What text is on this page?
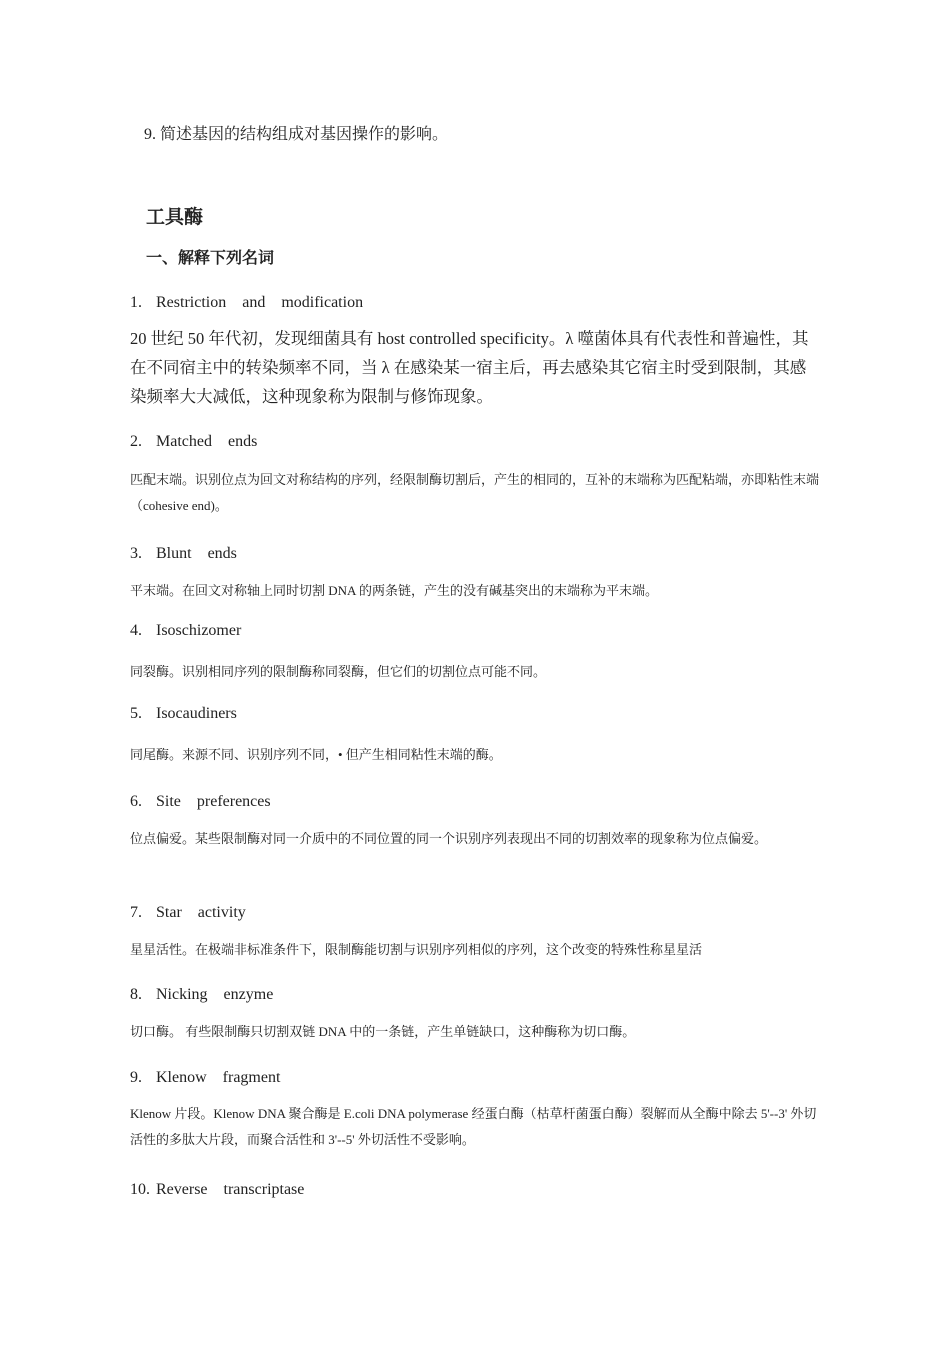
9. 简述基因的结构组成对基因操作的影响。
工具酶
一、解释下列名词
1. Restriction　and　modification
20 世纪 50 年代初，发现细菌具有 host controlled specificity。λ 噬菌体具有代表性和普遍性，其在不同宿主中的转染频率不同，当 λ 在感染某一宿主后，再去感染其它宿主时受到限制，其感染频率大大减低，这种现象称为限制与修饰现象。
2. Matched　ends
匹配末端。识别位点为回文对称结构的序列，经限制酶切割后，产生的相同的，互补的末端称为匹配粘端，亦即粘性末端（cohesive end)。
3. Blunt　ends
平末端。在回文对称轴上同时切割 DNA 的两条链，产生的没有碱基突出的末端称为平末端。
4. Isoschizomer
同裂酶。识别相同序列的限制酶称同裂酶，但它们的切割位点可能不同。
5. Isocaudiners
同尾酶。来源不同、识别序列不同，• 但产生相同粘性末端的酶。
6. Site　preferences
位点偏爱。某些限制酶对同一介质中的不同位置的同一个识别序列表现出不同的切割效率的现象称为位点偏爱。
7. Star　activity
星星活性。在极端非标准条件下，限制酶能切割与识别序列相似的序列，这个改变的特殊性称星星活
8. Nicking　enzyme
切口酶。 有些限制酶只切割双链 DNA 中的一条链，产生单链缺口，这种酶称为切口酶。
9. Klenow　fragment
Klenow 片段。Klenow DNA 聚合酶是 E.coli DNA polymerase 经蛋白酶（枯草杆菌蛋白酶）裂解而从全酶中除去 5'--3' 外切活性的多肽大片段，而聚合活性和 3'--5' 外切活性不受影响。
10. Reverse　transcriptase
